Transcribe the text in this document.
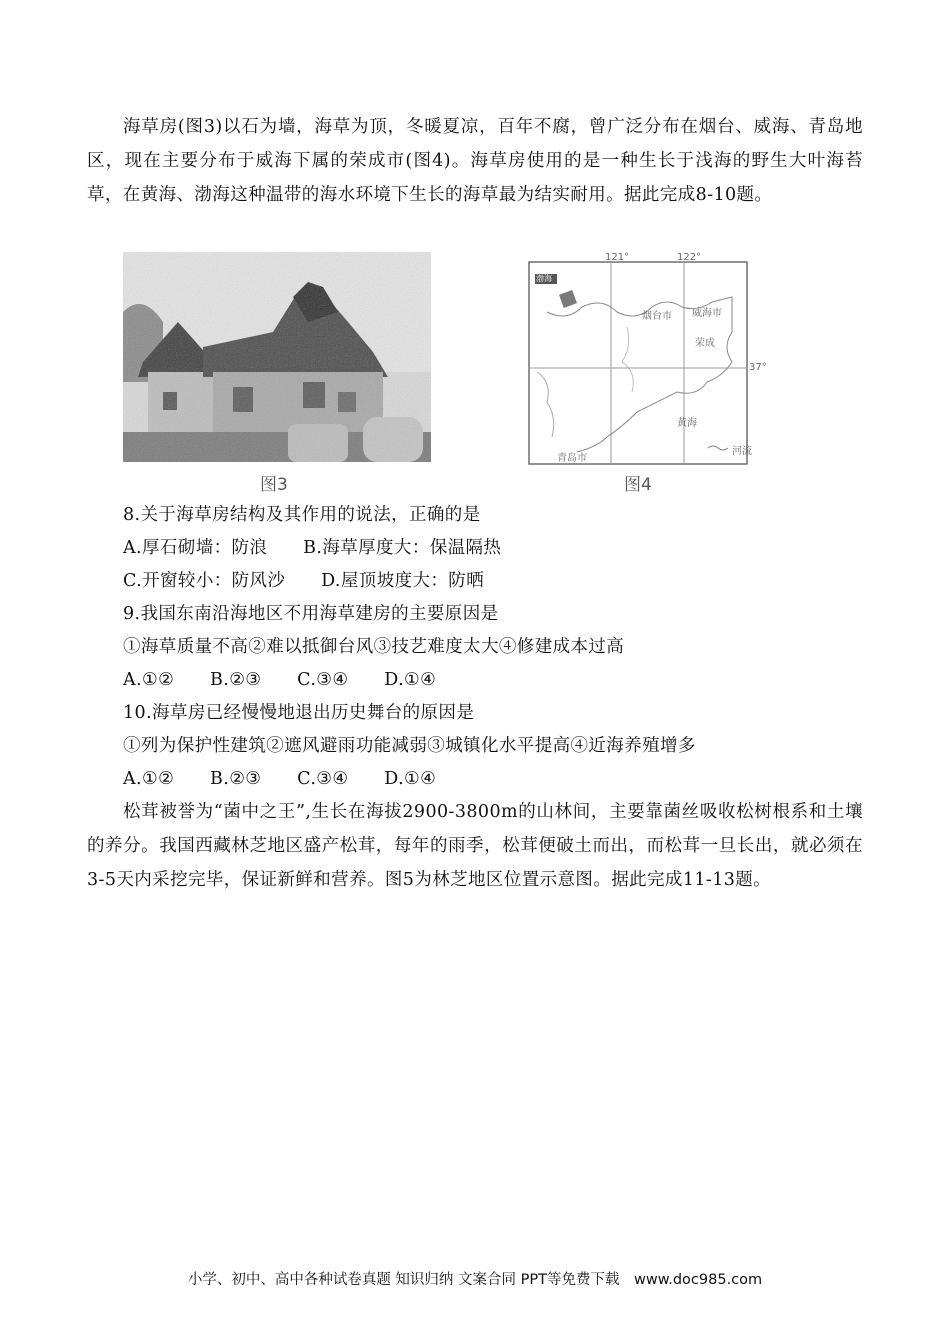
海草房(图3)以石为墙，海草为顶，冬暖夏凉，百年不腐，曾广泛分布在烟台、威海、青岛地区，现在主要分布于威海下属的荣成市(图4)。海草房使用的是一种生长于浅海的野生大叶海苔草，在黄海、渤海这种温带的海水环境下生长的海草最为结实耐用。据此完成8-10题。

图3
121°	122°
37°
渤海
烟台市 威海市
荣成
黄海
青岛市
河流
图4

8.关于海草房结构及其作用的说法，正确的是

A.厚石砌墙：防浪　　B.海草厚度大：保温隔热

C.开窗较小：防风沙　　D.屋顶坡度大：防晒

9.我国东南沿海地区不用海草建房的主要原因是

①海草质量不高②难以抵御台风③技艺难度太大④修建成本过高

A.①②　　B.②③　　C.③④　　D.①④

10.海草房已经慢慢地退出历史舞台的原因是

①列为保护性建筑②遮风避雨功能减弱③城镇化水平提高④近海养殖增多

A.①②　　B.②③　　C.③④　　D.①④

松茸被誉为“菌中之王”,生长在海拔2900-3800m的山林间，主要靠菌丝吸收松树根系和土壤的养分。我国西藏林芝地区盛产松茸，每年的雨季，松茸便破土而出，而松茸一旦长出，就必须在3-5天内采挖完毕，保证新鲜和营养。图5为林芝地区位置示意图。据此完成11-13题。

小学、初中、高中各种试卷真题 知识归纳 文案合同 PPT等免费下载　www.doc985.com
